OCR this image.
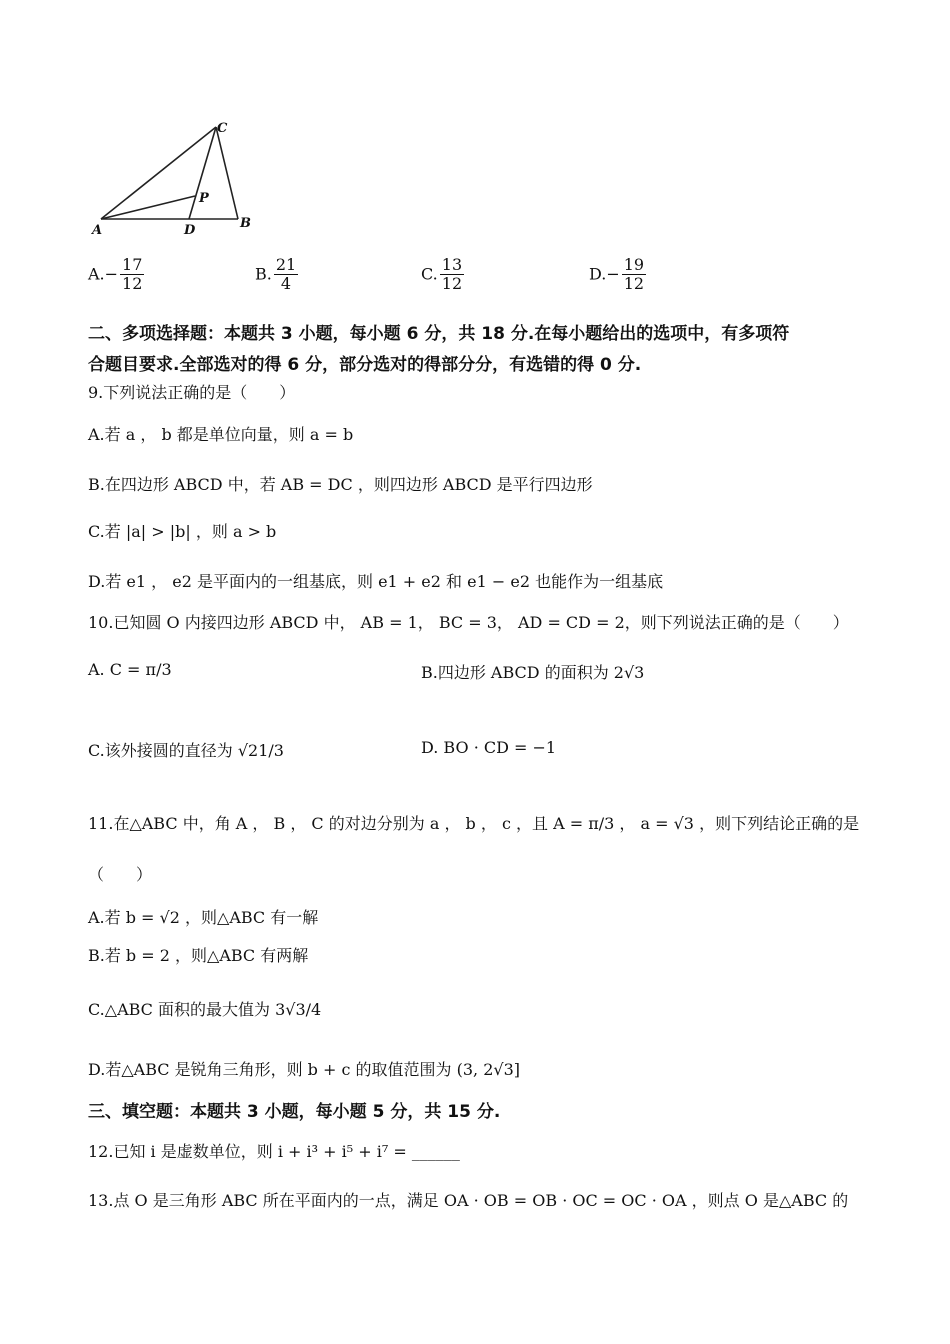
C
P
A	D	B
$A.- \frac{17}{12}$	B. $\frac{21}{4}$	C. $\frac{13}{12}$	$D.- \frac{19}{12}$
二、多项选择题：本题共 3 小题，每小题 6 分，共 18 分.在每小题给出的选项中，有多项符
合题目要求.全部选对的得 6 分，部分选对的得部分分，有选错的得 0 分.
9.下列说法正确的是（　　）
A.若 a ， b 都是单位向量，则 a = b
B.在四边形 ABCD 中，若 AB = DC ，则四边形 ABCD 是平行四边形
C.若 |a| > |b| ，则 a > b
D.若 e1 ， e2 是平面内的一组基底，则 e1 + e2 和 e1 − e2 也能作为一组基底
10.已知圆 O 内接四边形 ABCD 中， AB = 1， BC = 3， AD = CD = 2，则下列说法正确的是（　　）
A. C = π/3	B.四边形 ABCD 的面积为 2√3
C.该外接圆的直径为 √21/3	D. BO · CD = −1
11.在△ABC 中，角 A ， B ， C 的对边分别为 a ， b ， c ，且 A = π/3 ， a = √3 ，则下列结论正确的是
（　　）
A.若 b = √2 ，则△ABC 有一解
B.若 b = 2 ，则△ABC 有两解
C.△ABC 面积的最大值为 3√3/4
D.若△ABC 是锐角三角形，则 b + c 的取值范围为 (3, 2√3]
三、填空题：本题共 3 小题，每小题 5 分，共 15 分.
12.已知 i 是虚数单位，则 i + i³ + i⁵ + i⁷ = ______
13.点 O 是三角形 ABC 所在平面内的一点，满足 OA · OB = OB · OC = OC · OA ，则点 O 是△ABC 的
